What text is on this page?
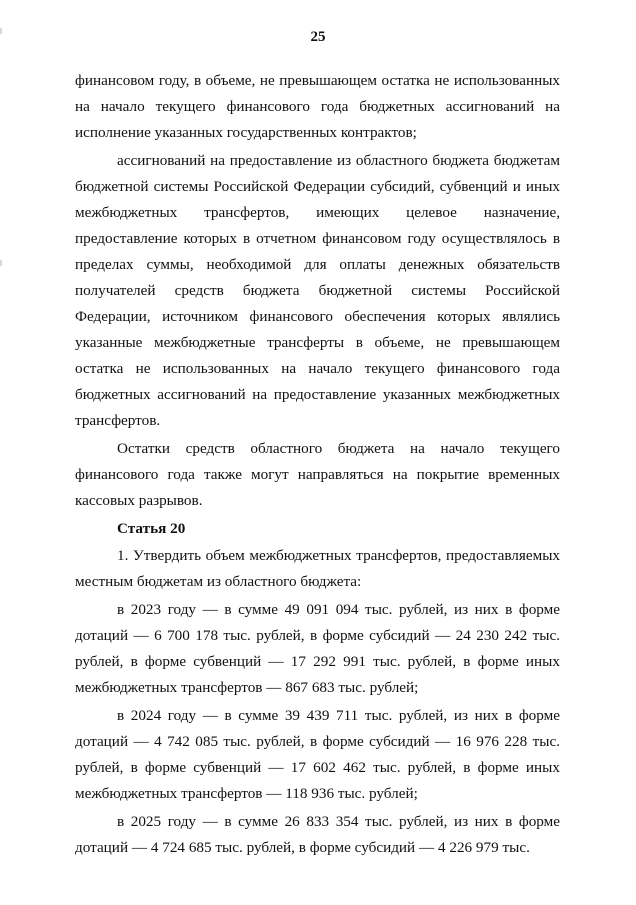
25

финансовом году, в объеме, не превышающем остатка не использованных на начало текущего финансового года бюджетных ассигнований на исполнение указанных государственных контрактов;

ассигнований на предоставление из областного бюджета бюджетам бюджетной системы Российской Федерации субсидий, субвенций и иных межбюджетных трансфертов, имеющих целевое назначение, предоставление которых в отчетном финансовом году осуществлялось в пределах суммы, необходимой для оплаты денежных обязательств получателей средств бюджета бюджетной системы Российской Федерации, источником финансового обеспечения которых являлись указанные межбюджетные трансферты в объеме, не превышающем остатка не использованных на начало текущего финансового года бюджетных ассигнований на предоставление указанных межбюджетных трансфертов.

Остатки средств областного бюджета на начало текущего финансового года также могут направляться на покрытие временных кассовых разрывов.

Статья 20

1. Утвердить объем межбюджетных трансфертов, предоставляемых местным бюджетам из областного бюджета:

в 2023 году — в сумме 49 091 094 тыс. рублей, из них в форме дотаций — 6 700 178 тыс. рублей, в форме субсидий — 24 230 242 тыс. рублей, в форме субвенций — 17 292 991 тыс. рублей, в форме иных межбюджетных трансфертов — 867 683 тыс. рублей;

в 2024 году — в сумме 39 439 711 тыс. рублей, из них в форме дотаций — 4 742 085 тыс. рублей, в форме субсидий — 16 976 228 тыс. рублей, в форме субвенций — 17 602 462 тыс. рублей, в форме иных межбюджетных трансфертов — 118 936 тыс. рублей;

в 2025 году — в сумме 26 833 354 тыс. рублей, из них в форме дотаций — 4 724 685 тыс. рублей, в форме субсидий — 4 226 979 тыс.
